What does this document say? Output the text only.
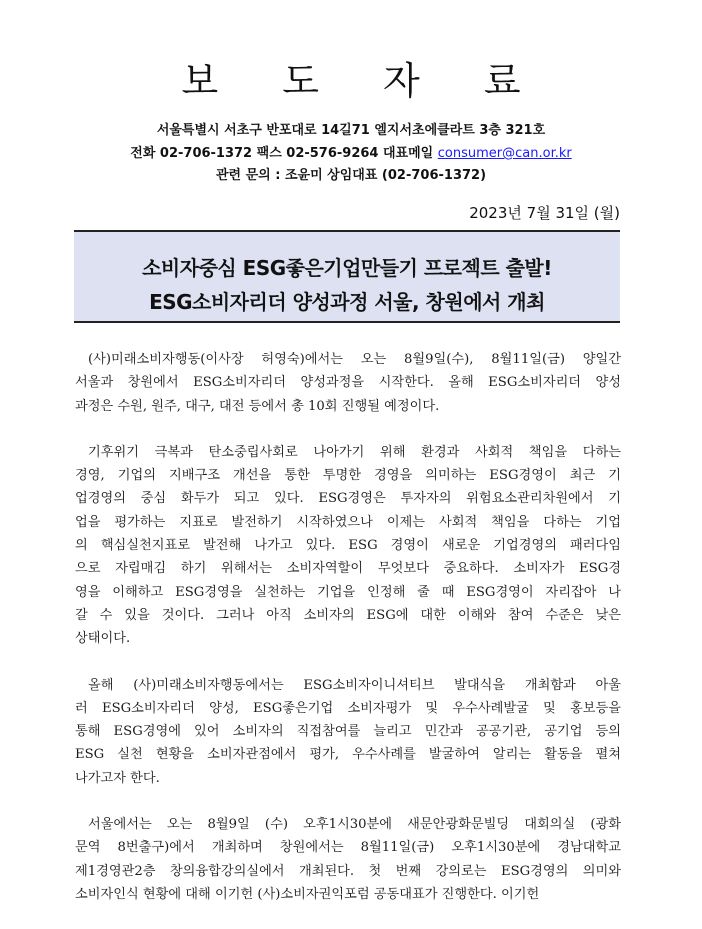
보 도 자 료
서울특별시 서초구 반포대로 14길71 엘지서초에클라트 3층 321호
전화 02-706-1372 팩스 02-576-9264 대표메일 consumer@can.or.kr
관련 문의 : 조윤미 상임대표 (02-706-1372)
2023년 7월 31일 (월)
소비자중심 ESG좋은기업만들기 프로젝트 출발!
ESG소비자리더 양성과정 서울, 창원에서 개최
(사)미래소비자행동(이사장 허영숙)에서는 오는 8월9일(수), 8월11일(금) 양일간
서울과 창원에서 ESG소비자리더 양성과정을 시작한다. 올해 ESG소비자리더 양성
과정은 수원, 원주, 대구, 대전 등에서 총 10회 진행될 예정이다.
기후위기 극복과 탄소중립사회로 나아가기 위해 환경과 사회적 책임을 다하는
경영, 기업의 지배구조 개선을 통한 투명한 경영을 의미하는 ESG경영이 최근 기
업경영의 중심 화두가 되고 있다. ESG경영은 투자자의 위험요소관리차원에서 기
업을 평가하는 지표로 발전하기 시작하였으나 이제는 사회적 책임을 다하는 기업
의 핵심실천지표로 발전해 나가고 있다. ESG 경영이 새로운 기업경영의 패러다임
으로 자립매김 하기 위해서는 소비자역할이 무엇보다 중요하다. 소비자가 ESG경
영을 이해하고 ESG경영을 실천하는 기업을 인정해 줄 때 ESG경영이 자리잡아 나
갈 수 있을 것이다. 그러나 아직 소비자의 ESG에 대한 이해와 참여 수준은 낮은
상태이다.
올해 (사)미래소비자행동에서는 ESG소비자이니셔티브 발대식을 개최함과 아울
러 ESG소비자리더 양성, ESG좋은기업 소비자평가 및 우수사례발굴 및 홍보등을
통해 ESG경영에 있어 소비자의 직접참여를 늘리고 민간과 공공기관, 공기업 등의
ESG 실천 현황을 소비자관점에서 평가, 우수사례를 발굴하여 알리는 활동을 펼쳐
나가고자 한다.
서울에서는 오는 8월9일 (수) 오후1시30분에 새문안광화문빌딩 대회의실 (광화
문역 8번출구)에서 개최하며 창원에서는 8월11일(금) 오후1시30분에 경남대학교
제1경영관2층 창의융합강의실에서 개최된다. 첫 번째 강의로는 ESG경영의 의미와
소비자인식 현황에 대해 이기헌 (사)소비자권익포럼 공동대표가 진행한다. 이기헌
